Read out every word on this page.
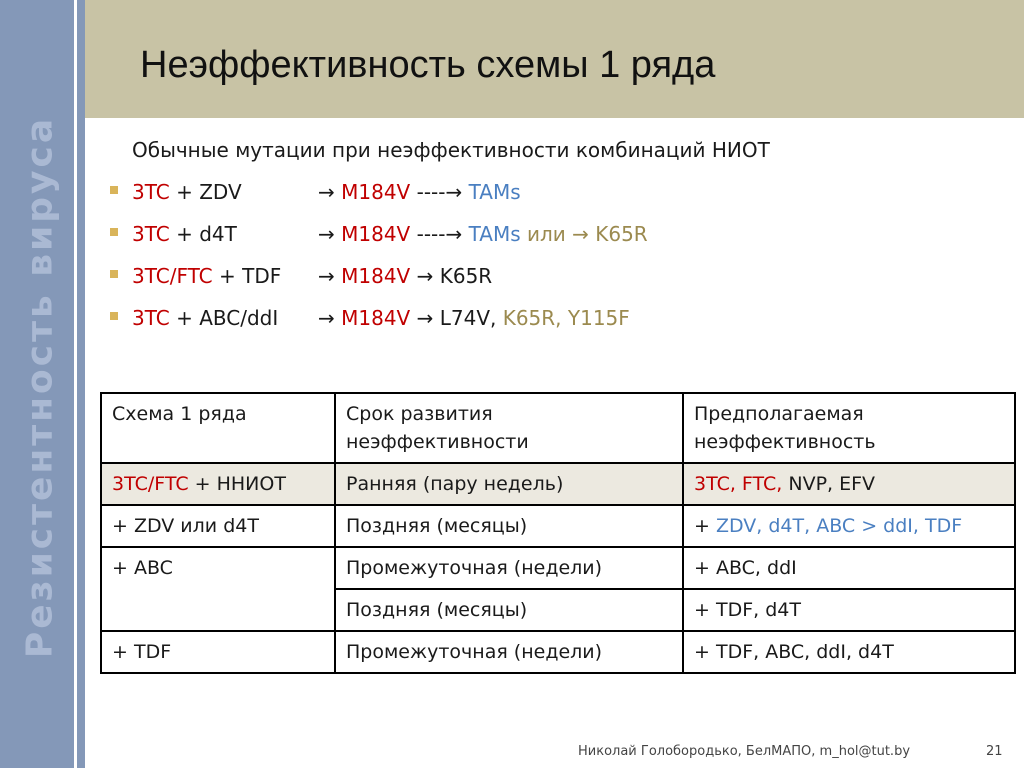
Резистентность вируса
Неэффективность схемы 1 ряда
Обычные мутации при неэффективности комбинаций НИОТ
3TC + ZDV	→ M184V ----→ TAMs
3TC + d4T	→ M184V ----→ TAMs или → K65R
3TC/FTC + TDF → M184V → K65R
3TC + ABC/ddI → M184V → L74V, K65R, Y115F
Схема 1 ряда	Срок развития неэффективности	Предполагаемая неэффективность
3TC/FTC + ННИОТ	Ранняя (пару недель)	3TC, FTC, NVP, EFV
+ ZDV или d4T	Поздняя (месяцы)	+ ZDV, d4T, ABC > ddI, TDF
+ ABC	Промежуточная (недели)	+ ABC, ddI
	Поздняя (месяцы)	+ TDF, d4T
+ TDF	Промежуточная (недели)	+ TDF, ABC, ddI, d4T
Николай Голобородько, БелМАПО, m_hol@tut.by	21
